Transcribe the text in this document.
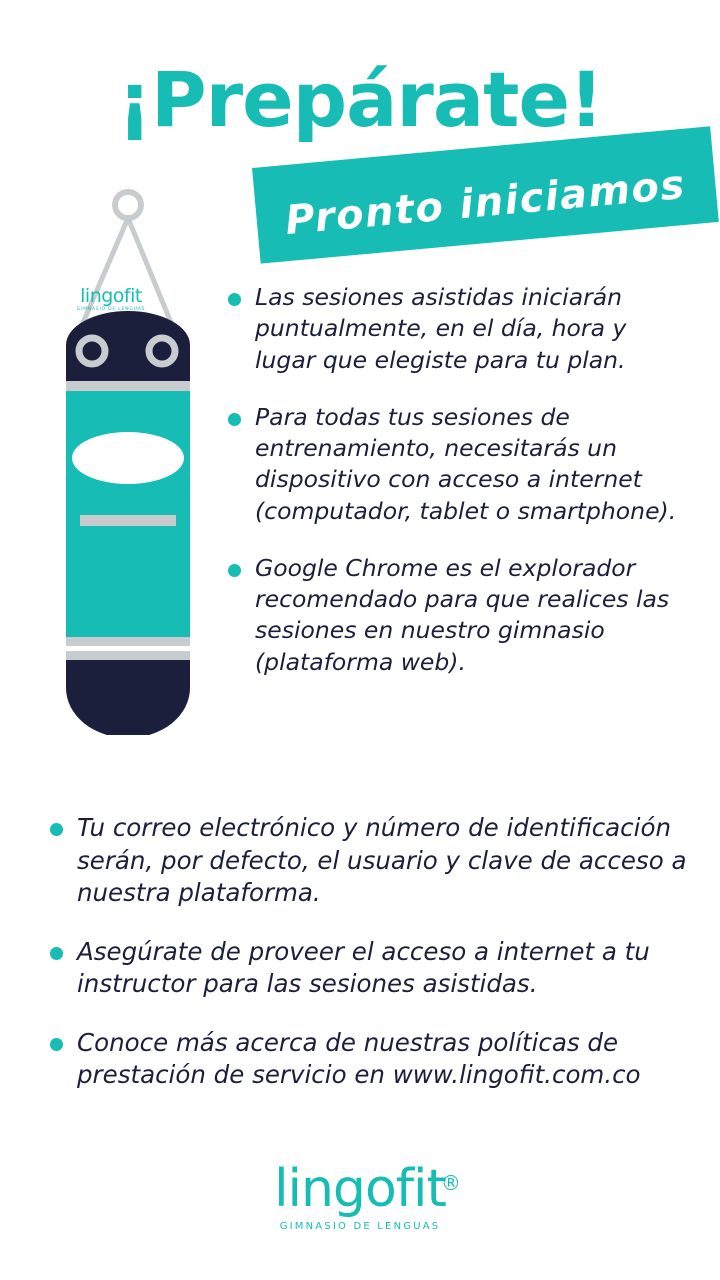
¡Prepárate!
Pronto iniciamos
lingofit
GIMNASIO DE LENGUAS	Las sesiones asistidas iniciarán puntualmente, en el día, hora y lugar que elegiste para tu plan.
Para todas tus sesiones de entrenamiento, necesitarás un dispositivo con acceso a internet (computador, tablet o smartphone).
Google Chrome es el explorador recomendado para que realices las sesiones en nuestro gimnasio (plataforma web).
Tu correo electrónico y número de identificación serán, por defecto, el usuario y clave de acceso a nuestra plataforma.
Asegúrate de proveer el acceso a internet a tu instructor para las sesiones asistidas.
Conoce más acerca de nuestras políticas de prestación de servicio en www.lingofit.com.co
lingofit
®
GIMNASIO DE LENGUAS
